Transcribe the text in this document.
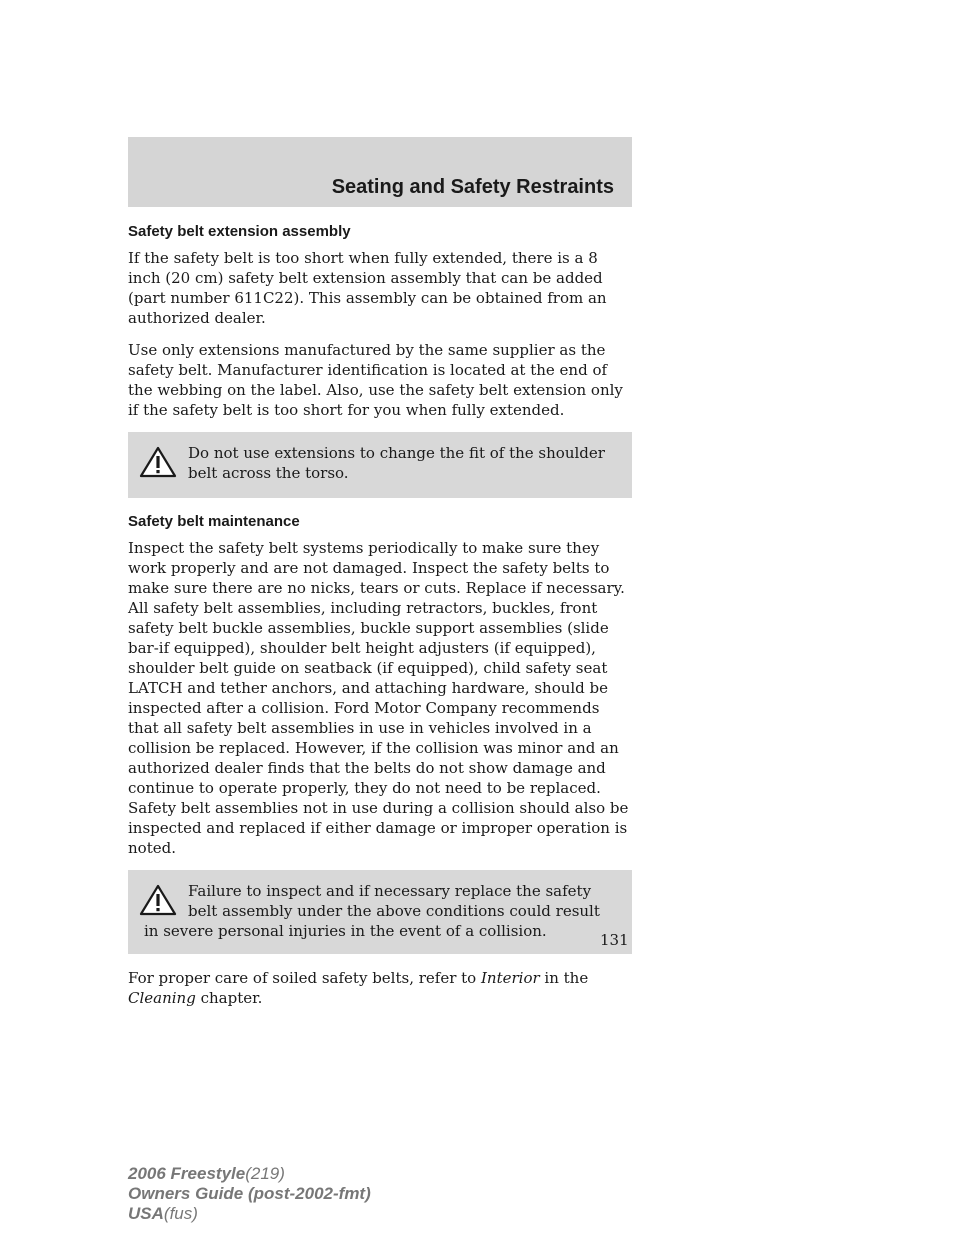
Seating and Safety Restraints
Safety belt extension assembly

If the safety belt is too short when fully extended, there is a 8 inch (20 cm) safety belt extension assembly that can be added (part number 611C22). This assembly can be obtained from an authorized dealer.

Use only extensions manufactured by the same supplier as the safety belt. Manufacturer identification is located at the end of the webbing on the label. Also, use the safety belt extension only if the safety belt is too short for you when fully extended.

Do not use extensions to change the fit of the shoulder belt across the torso.
Safety belt maintenance

Inspect the safety belt systems periodically to make sure they work properly and are not damaged. Inspect the safety belts to make sure there are no nicks, tears or cuts. Replace if necessary. All safety belt assemblies, including retractors, buckles, front safety belt buckle assemblies, buckle support assemblies (slide bar-if equipped), shoulder belt height adjusters (if equipped), shoulder belt guide on seatback (if equipped), child safety seat LATCH and tether anchors, and attaching hardware, should be inspected after a collision. Ford Motor Company recommends that all safety belt assemblies in use in vehicles involved in a collision be replaced. However, if the collision was minor and an authorized dealer finds that the belts do not show damage and continue to operate properly, they do not need to be replaced. Safety belt assemblies not in use during a collision should also be inspected and replaced if either damage or improper operation is noted.

Failure to inspect and if necessary replace the safety belt assembly under the above conditions could result in severe personal injuries in the event of a collision.

For proper care of soiled safety belts, refer to Interior in the Cleaning chapter.

131
2006 Freestyle(219)
Owners Guide (post-2002-fmt)
USA(fus)
